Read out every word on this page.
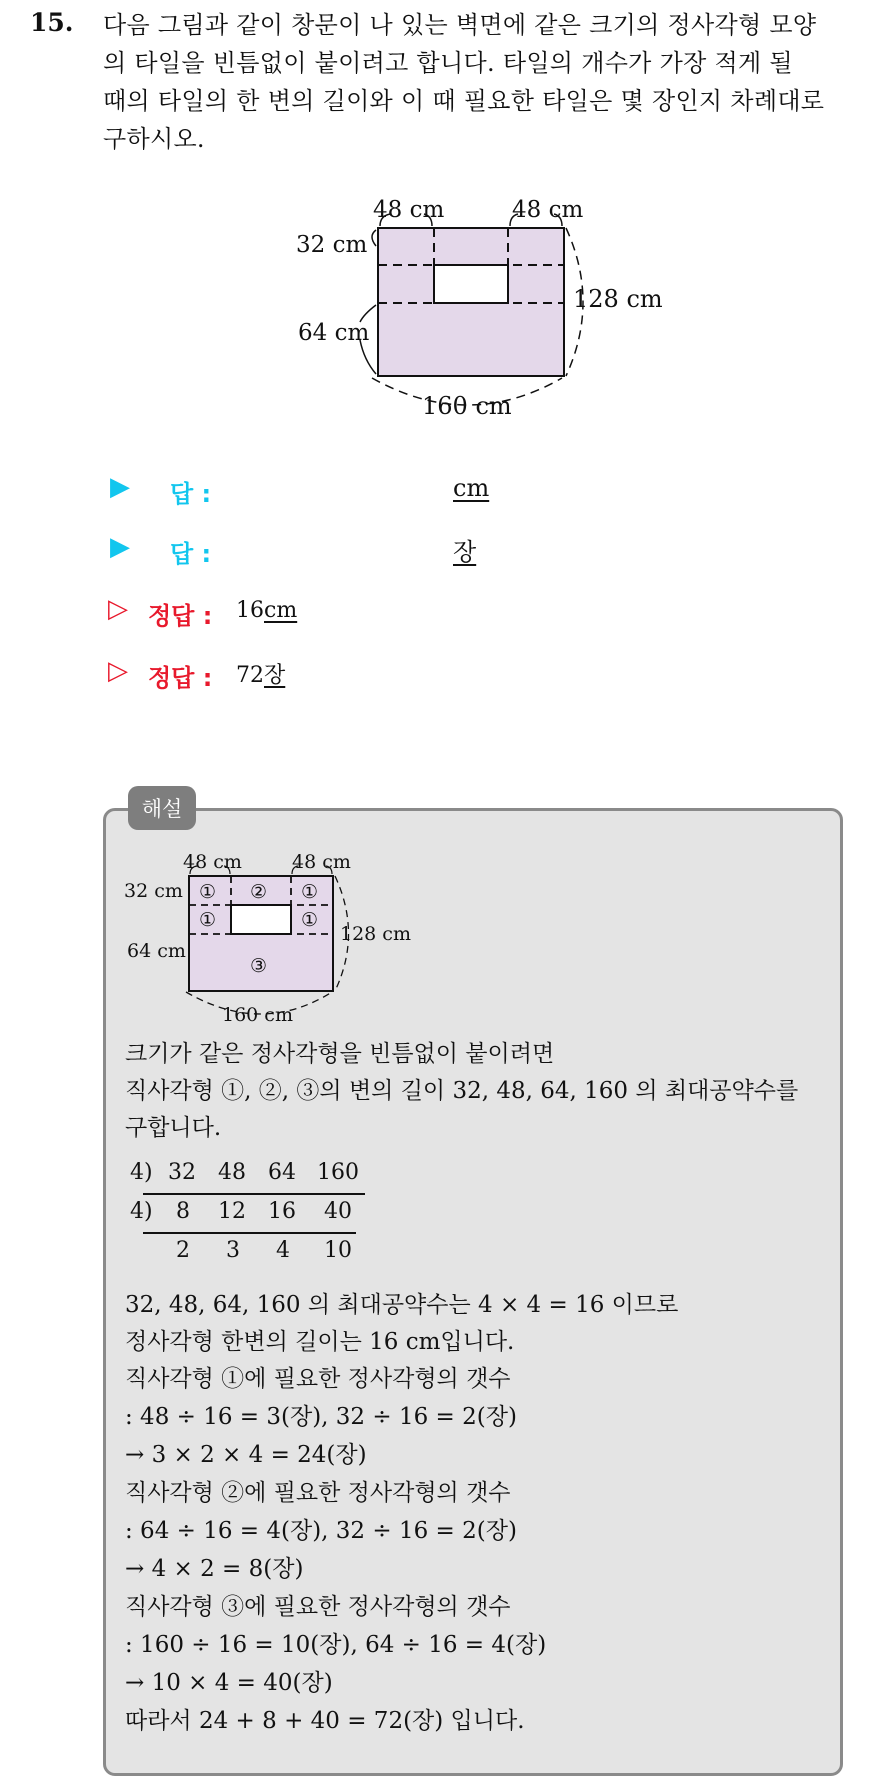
15. 다음 그림과 같이 창문이 나 있는 벽면에 같은 크기의 정사각형 모양
의 타일을 빈틈없이 붙이려고 합니다. 타일의 개수가 가장 적게 될
때의 타일의 한 변의 길이와 이 때 필요한 타일은 몇 장인지 차례대로
구하시오.
48 cm	48 cm
32 cm
64 cm
128 cm
160 cm
▶ 답 :	cm
▶ 답 :	장
▷ 정답 : 16cm
▷ 정답 : 72장
해설
48 cm	48 cm
32 cm
64 cm
128 cm
160 cm
① ② ①
①	①
③
크기가 같은 정사각형을 빈틈없이 붙이려면
직사각형 ①, ②, ③의 변의 길이 32, 48, 64, 160 의 최대공약수를
구합니다.
4) 32 48 64 160
4) 8 12 16 40
2 3 4 10
32, 48, 64, 160 의 최대공약수는 4 × 4 = 16 이므로
정사각형 한변의 길이는 16 cm입니다.
직사각형 ①에 필요한 정사각형의 갯수
: 48 ÷ 16 = 3(장), 32 ÷ 16 = 2(장)
→ 3 × 2 × 4 = 24(장)
직사각형 ②에 필요한 정사각형의 갯수
: 64 ÷ 16 = 4(장), 32 ÷ 16 = 2(장)
→ 4 × 2 = 8(장)
직사각형 ③에 필요한 정사각형의 갯수
: 160 ÷ 16 = 10(장), 64 ÷ 16 = 4(장)
→ 10 × 4 = 40(장)
따라서 24 + 8 + 40 = 72(장) 입니다.
